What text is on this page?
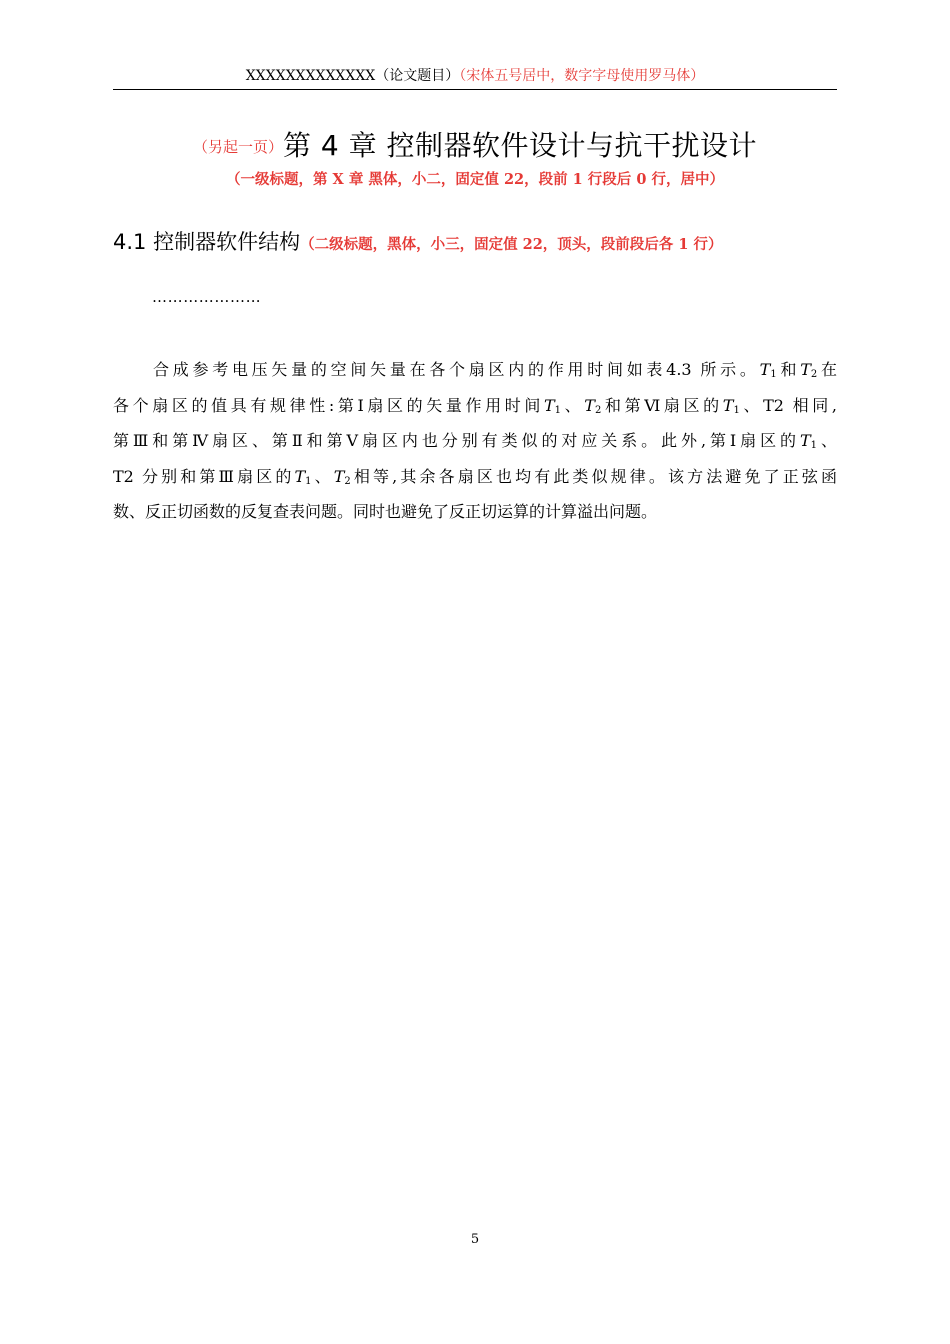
XXXXXXXXXXXXX（论文题目）（宋体五号居中，数字字母使用罗马体）
（另起一页）第 4 章 控制器软件设计与抗干扰设计
（一级标题，第 X 章 黑体，小二，固定值 22，段前 1 行段后 0 行，居中）
4.1 控制器软件结构（二级标题，黑体，小三，固定值 22，顶头，段前段后各 1 行）
…………………
合成参考电压矢量的空间矢量在各个扇区内的作用时间如表4.3 所示。$T_1$和$T_2$在
各个扇区的值具有规律性:第Ⅰ扇区的矢量作用时间$T_1$、$T_2$和第Ⅵ扇区的$T_1$、T2 相同,
第Ⅲ和第Ⅳ扇区、第Ⅱ和第Ⅴ扇区内也分别有类似的对应关系。此外,第Ⅰ扇区的$T_1$、
T2 分别和第Ⅲ扇区的$T_1$、$T_2$相等,其余各扇区也均有此类似规律。该方法避免了正弦函
数、反正切函数的反复查表问题。同时也避免了反正切运算的计算溢出问题。
5
